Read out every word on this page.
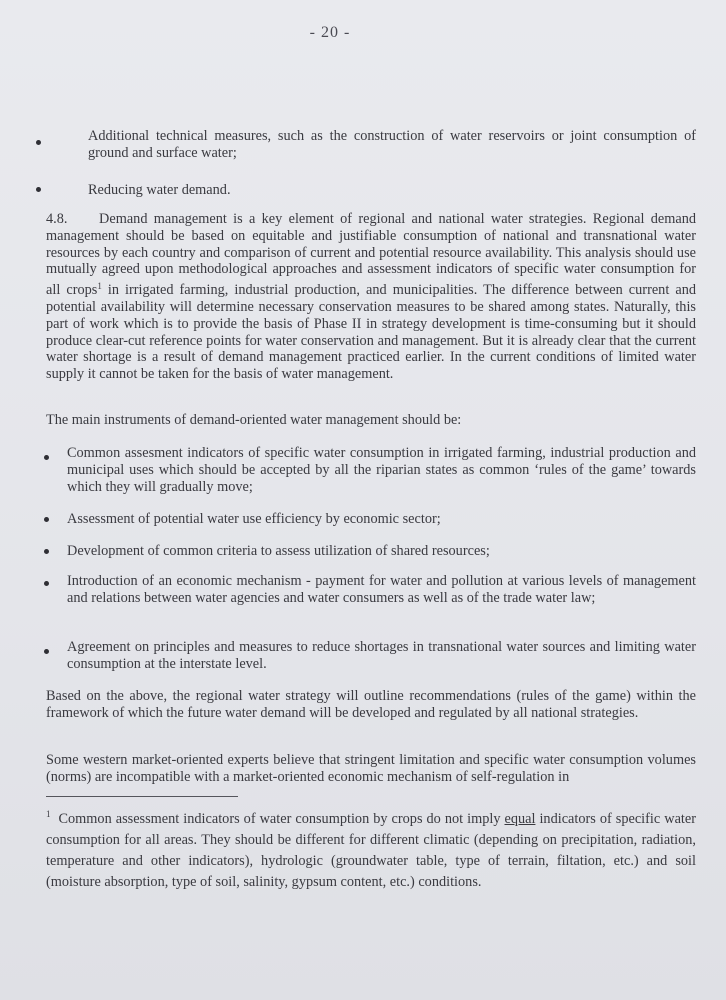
- 20 -
Additional technical measures, such as the construction of water reservoirs or joint consumption of ground and surface water;
Reducing water demand.
4.8. Demand management is a key element of regional and national water strategies. Regional demand management should be based on equitable and justifiable consumption of national and transnational water resources by each country and comparison of current and potential resource availability. This analysis should use mutually agreed upon methodological approaches and assessment indicators of specific water consumption for all crops$^1$ in irrigated farming, industrial production, and municipalities. The difference between current and potential availability will determine necessary conservation measures to be shared among states. Naturally, this part of work which is to provide the basis of Phase II in strategy development is time-consuming but it should produce clear-cut reference points for water conservation and management. But it is already clear that the current water shortage is a result of demand management practiced earlier. In the current conditions of limited water supply it cannot be taken for the basis of water management.
The main instruments of demand-oriented water management should be:
Common assesment indicators of specific water consumption in irrigated farming, industrial production and municipal uses which should be accepted by all the riparian states as common ‘rules of the game’ towards which they will gradually move;
Assessment of potential water use efficiency by economic sector;
Development of common criteria to assess utilization of shared resources;
Introduction of an economic mechanism - payment for water and pollution at various levels of management and relations between water agencies and water consumers as well as of the trade water law;
Agreement on principles and measures to reduce shortages in transnational water sources and limiting water consumption at the interstate level.
Based on the above, the regional water strategy will outline recommendations (rules of the game) within the framework of which the future water demand will be developed and regulated by all national strategies.
Some western market-oriented experts believe that stringent limitation and specific water consumption volumes (norms) are incompatible with a market-oriented economic mechanism of self-regulation in
$^1$ Common assessment indicators of water consumption by crops do not imply equal indicators of specific water consumption for all areas. They should be different for different climatic (depending on precipitation, radiation, temperature and other indicators), hydrologic (groundwater table, type of terrain, filtation, etc.) and soil (moisture absorption, type of soil, salinity, gypsum content, etc.) conditions.
